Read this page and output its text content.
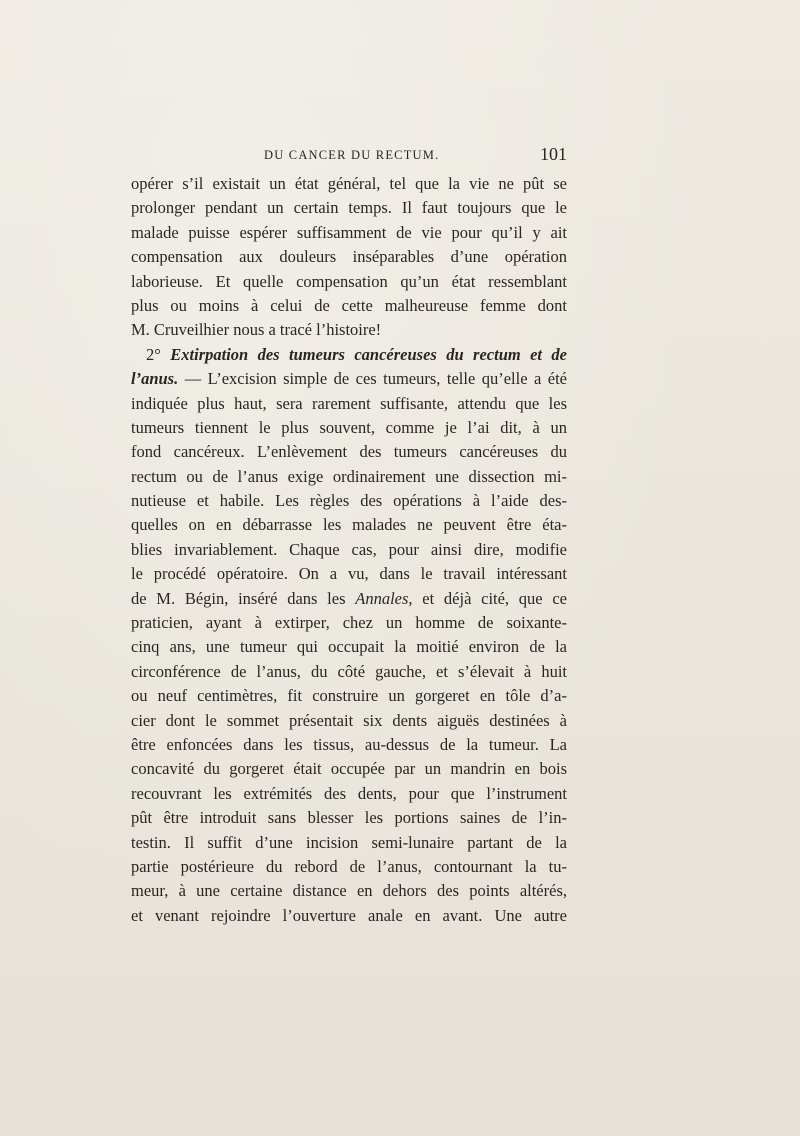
DU CANCER DU RECTUM.	101
opérer s’il existait un état général, tel que la vie ne pût se
prolonger pendant un certain temps. Il faut toujours que le
malade puisse espérer suffisamment de vie pour qu’il y ait
compensation aux douleurs inséparables d’une opération
laborieuse. Et quelle compensation qu’un état ressemblant
plus ou moins à celui de cette malheureuse femme dont
M. Cruveilhier nous a tracé l’histoire!
2° Extirpation des tumeurs cancéreuses du rectum et de
l’anus. — L’excision simple de ces tumeurs, telle qu’elle a été
indiquée plus haut, sera rarement suffisante, attendu que les
tumeurs tiennent le plus souvent, comme je l’ai dit, à un
fond cancéreux. L’enlèvement des tumeurs cancéreuses du
rectum ou de l’anus exige ordinairement une dissection mi-
nutieuse et habile. Les règles des opérations à l’aide des-
quelles on en débarrasse les malades ne peuvent être éta-
blies invariablement. Chaque cas, pour ainsi dire, modifie
le procédé opératoire. On a vu, dans le travail intéressant
de M. Bégin, inséré dans les Annales, et déjà cité, que ce
praticien, ayant à extirper, chez un homme de soixante-
cinq ans, une tumeur qui occupait la moitié environ de la
circonférence de l’anus, du côté gauche, et s’élevait à huit
ou neuf centimètres, fit construire un gorgeret en tôle d’a-
cier dont le sommet présentait six dents aiguës destinées à
être enfoncées dans les tissus, au-dessus de la tumeur. La
concavité du gorgeret était occupée par un mandrin en bois
recouvrant les extrémités des dents, pour que l’instrument
pût être introduit sans blesser les portions saines de l’in-
testin. Il suffit d’une incision semi-lunaire partant de la
partie postérieure du rebord de l’anus, contournant la tu-
meur, à une certaine distance en dehors des points altérés,
et venant rejoindre l’ouverture anale en avant. Une autre
